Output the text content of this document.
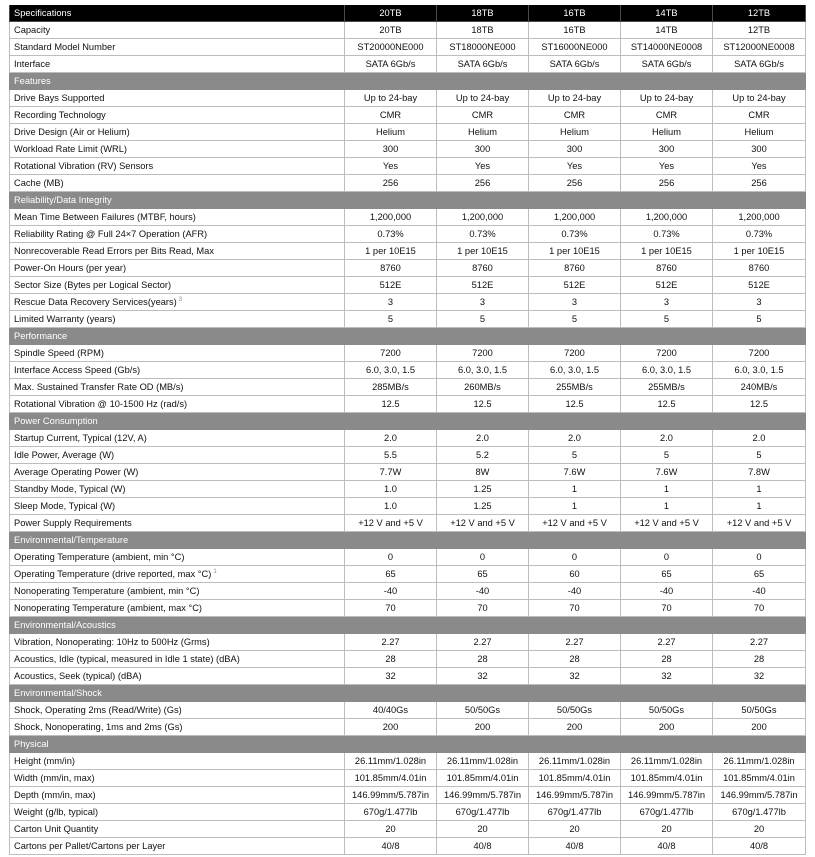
Specifications	20TB	18TB	16TB	14TB	12TB
Capacity	20TB	18TB	16TB	14TB	12TB
Standard Model Number	ST20000NE000	ST18000NE000	ST16000NE000	ST14000NE0008	ST12000NE0008
Interface	SATA 6Gb/s	SATA 6Gb/s	SATA 6Gb/s	SATA 6Gb/s	SATA 6Gb/s
Features					
Drive Bays Supported	Up to 24-bay	Up to 24-bay	Up to 24-bay	Up to 24-bay	Up to 24-bay
Recording Technology	CMR	CMR	CMR	CMR	CMR
Drive Design (Air or Helium)	Helium	Helium	Helium	Helium	Helium
Workload Rate Limit (WRL)	300	300	300	300	300
Rotational Vibration (RV) Sensors	Yes	Yes	Yes	Yes	Yes
Cache (MB)	256	256	256	256	256
Reliability/Data Integrity					
Mean Time Between Failures (MTBF, hours)	1,200,000	1,200,000	1,200,000	1,200,000	1,200,000
Reliability Rating @ Full 24×7 Operation (AFR)	0.73%	0.73%	0.73%	0.73%	0.73%
Nonrecoverable Read Errors per Bits Read, Max	1 per 10E15	1 per 10E15	1 per 10E15	1 per 10E15	1 per 10E15
Power-On Hours (per year)	8760	8760	8760	8760	8760
Sector Size (Bytes per Logical Sector)	512E	512E	512E	512E	512E
Rescue Data Recovery Services(years) $^3$	3	3	3	3	3
Limited Warranty (years)	5	5	5	5	5
Performance					
Spindle Speed (RPM)	7200	7200	7200	7200	7200
Interface Access Speed (Gb/s)	6.0, 3.0, 1.5	6.0, 3.0, 1.5	6.0, 3.0, 1.5	6.0, 3.0, 1.5	6.0, 3.0, 1.5
Max. Sustained Transfer Rate OD (MB/s)	285MB/s	260MB/s	255MB/s	255MB/s	240MB/s
Rotational Vibration @ 10-1500 Hz (rad/s)	12.5	12.5	12.5	12.5	12.5
Power Consumption					
Startup Current, Typical (12V, A)	2.0	2.0	2.0	2.0	2.0
Idle Power, Average (W)	5.5	5.2	5	5	5
Average Operating Power (W)	7.7W	8W	7.6W	7.6W	7.8W
Standby Mode, Typical (W)	1.0	1.25	1	1	1
Sleep Mode, Typical (W)	1.0	1.25	1	1	1
Power Supply Requirements	+12 V and +5 V	+12 V and +5 V	+12 V and +5 V	+12 V and +5 V	+12 V and +5 V
Environmental/Temperature					
Operating Temperature (ambient, min °C)	0	0	0	0	0
Operating Temperature (drive reported, max °C) $^1$	65	65	60	65	65
Nonoperating Temperature (ambient, min °C)	-40	-40	-40	-40	-40
Nonoperating Temperature (ambient, max °C)	70	70	70	70	70
Environmental/Acoustics					
Vibration, Nonoperating: 10Hz to 500Hz (Grms)	2.27	2.27	2.27	2.27	2.27
Acoustics, Idle (typical, measured in Idle 1 state) (dBA)	28	28	28	28	28
Acoustics, Seek (typical) (dBA)	32	32	32	32	32
Environmental/Shock					
Shock, Operating 2ms (Read/Write) (Gs)	40/40Gs	50/50Gs	50/50Gs	50/50Gs	50/50Gs
Shock, Nonoperating, 1ms and 2ms (Gs)	200	200	200	200	200
Physical					
Height (mm/in)	26.11mm/1.028in	26.11mm/1.028in	26.11mm/1.028in	26.11mm/1.028in	26.11mm/1.028in
Width (mm/in, max)	101.85mm/4.01in	101.85mm/4.01in	101.85mm/4.01in	101.85mm/4.01in	101.85mm/4.01in
Depth (mm/in, max)	146.99mm/5.787in	146.99mm/5.787in	146.99mm/5.787in	146.99mm/5.787in	146.99mm/5.787in
Weight (g/lb, typical)	670g/1.477lb	670g/1.477lb	670g/1.477lb	670g/1.477lb	670g/1.477lb
Carton Unit Quantity	20	20	20	20	20
Cartons per Pallet/Cartons per Layer	40/8	40/8	40/8	40/8	40/8
